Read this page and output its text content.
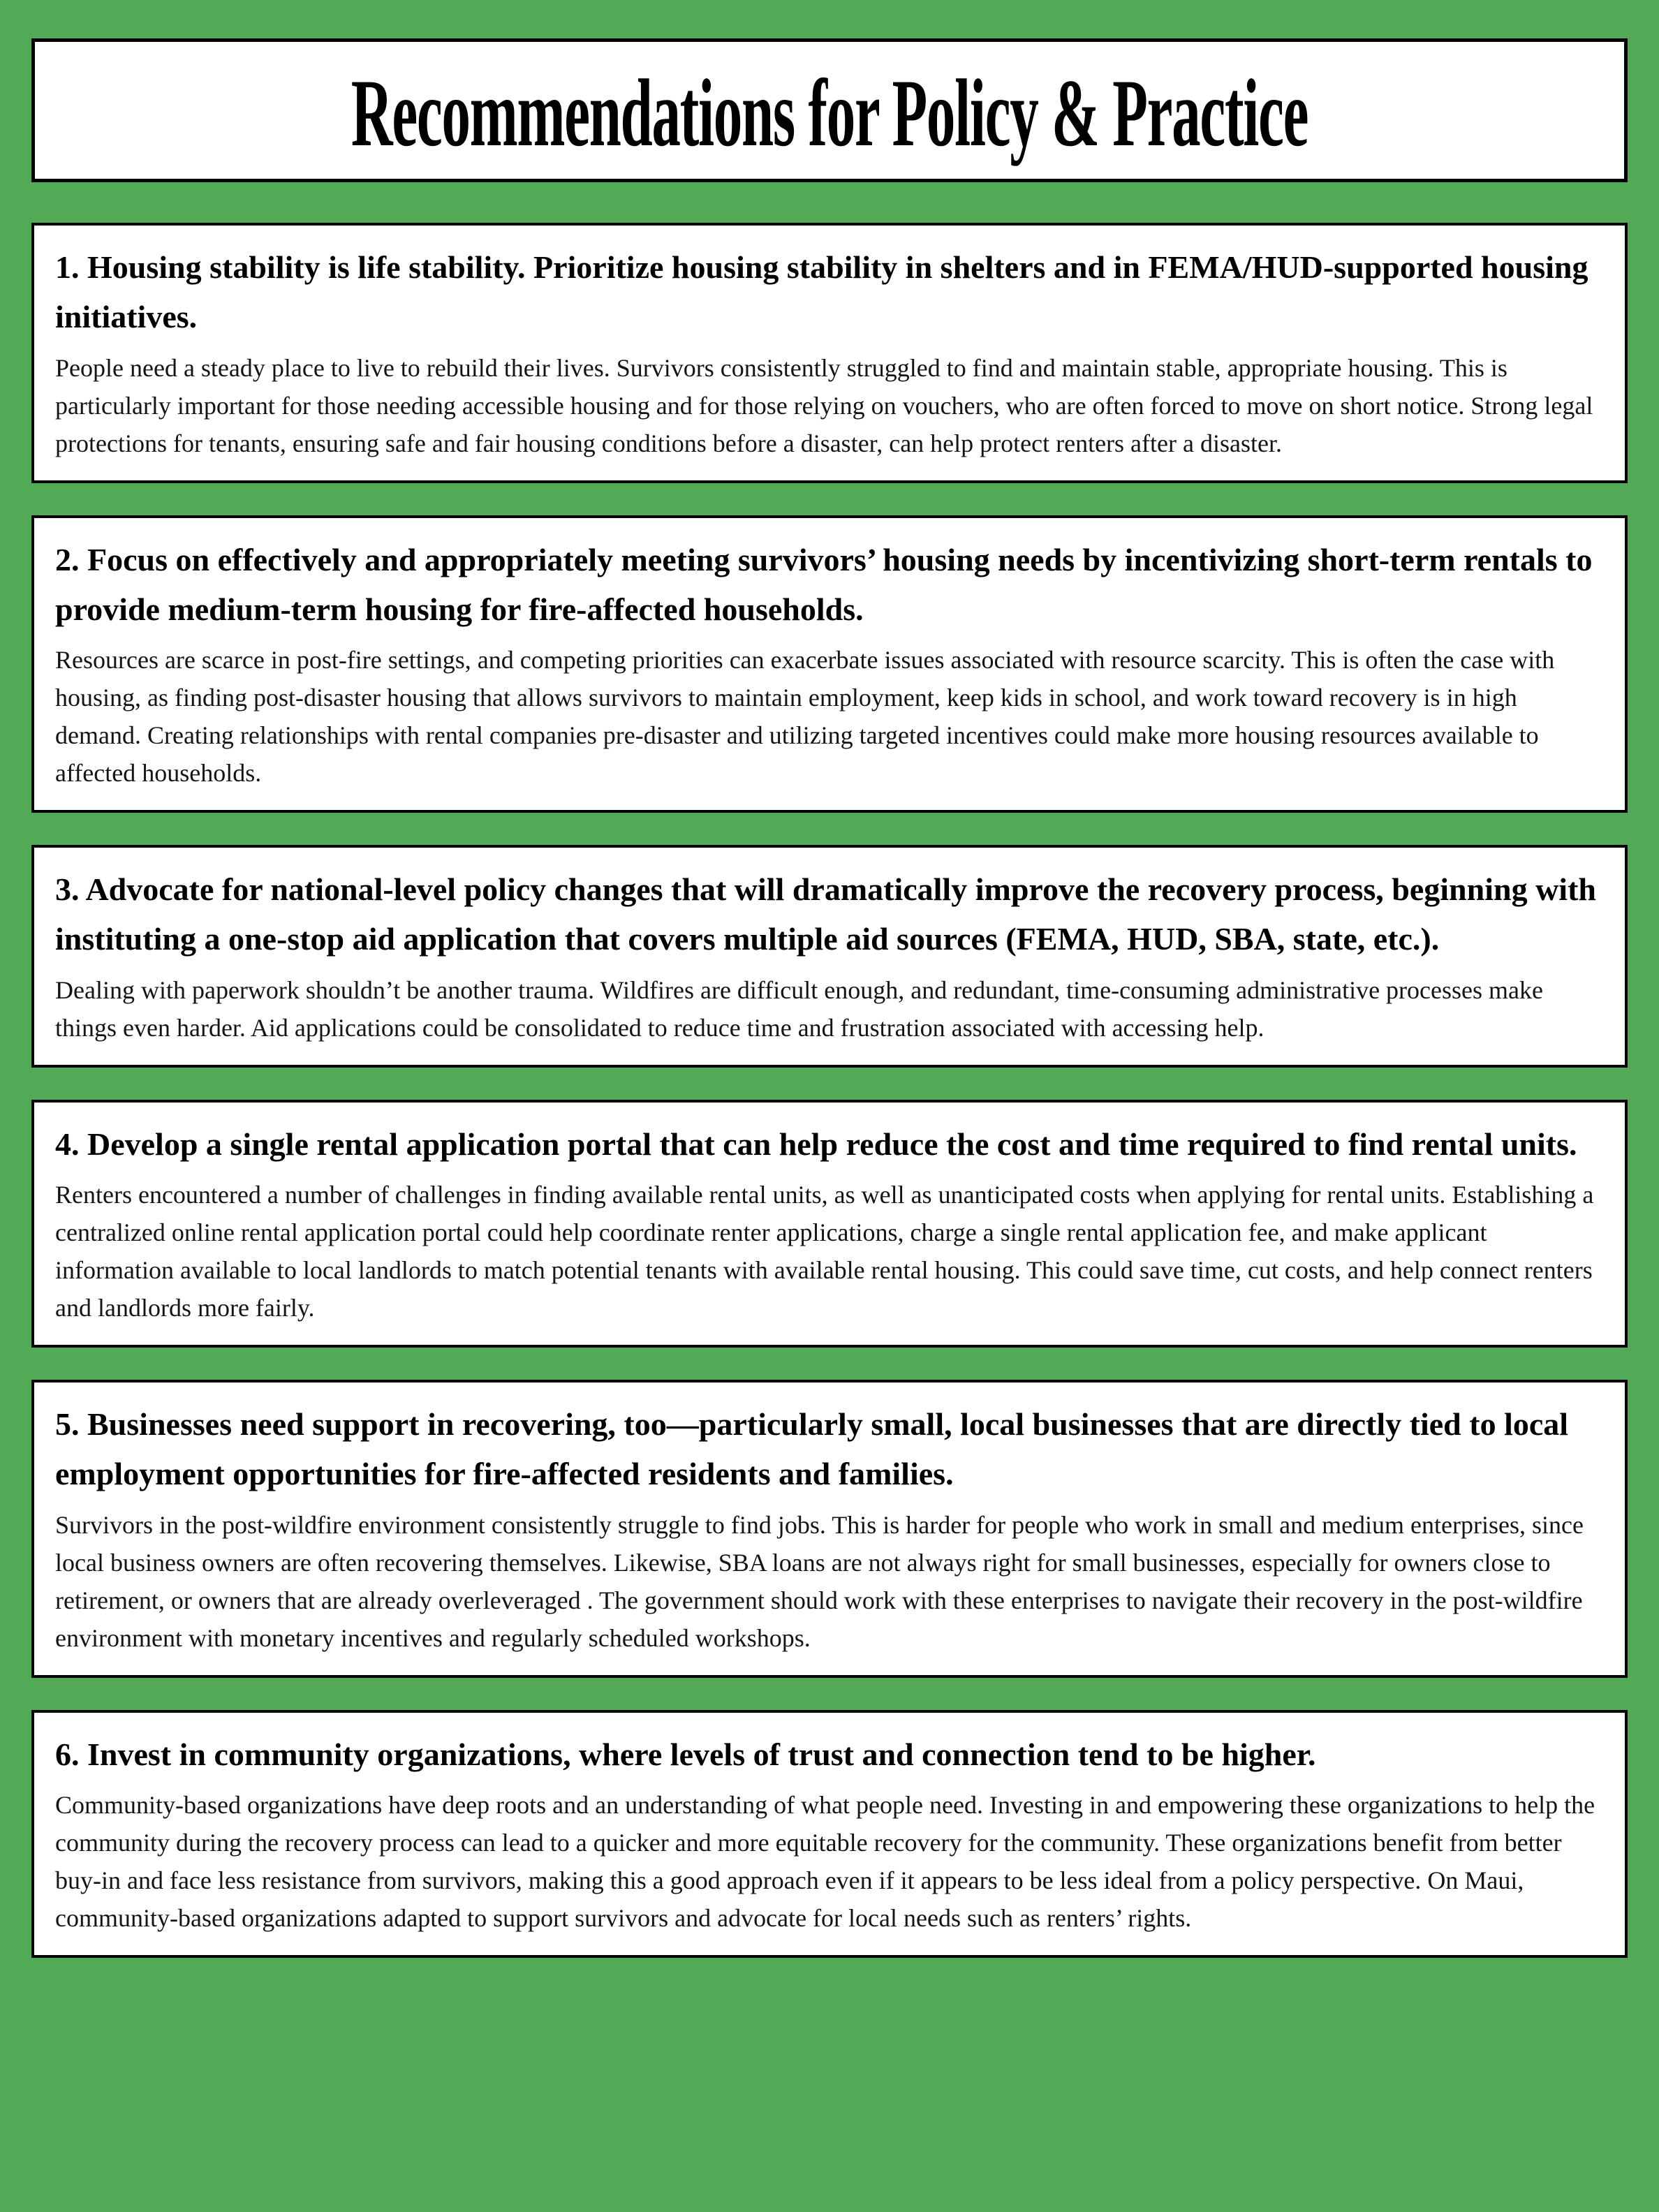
Recommendations for Policy & Practice
1. Housing stability is life stability. Prioritize housing stability in shelters and in FEMA/HUD-supported housing initiatives.

People need a steady place to live to rebuild their lives. Survivors consistently struggled to find and maintain stable, appropriate housing. This is particularly important for those needing accessible housing and for those relying on vouchers, who are often forced to move on short notice. Strong legal protections for tenants, ensuring safe and fair housing conditions before a disaster, can help protect renters after a disaster.

2. Focus on effectively and appropriately meeting survivors’ housing needs by incentivizing short-term rentals to provide medium-term housing for fire-affected households.

Resources are scarce in post-fire settings, and competing priorities can exacerbate issues associated with resource scarcity. This is often the case with housing, as finding post-disaster housing that allows survivors to maintain employment, keep kids in school, and work toward recovery is in high demand. Creating relationships with rental companies pre-disaster and utilizing targeted incentives could make more housing resources available to affected households.

3. Advocate for national-level policy changes that will dramatically improve the recovery process, beginning with instituting a one-stop aid application that covers multiple aid sources (FEMA, HUD, SBA, state, etc.).

Dealing with paperwork shouldn’t be another trauma. Wildfires are difficult enough, and redundant, time-consuming administrative processes make things even harder. Aid applications could be consolidated to reduce time and frustration associated with accessing help.

4. Develop a single rental application portal that can help reduce the cost and time required to find rental units.

Renters encountered a number of challenges in finding available rental units, as well as unanticipated costs when applying for rental units. Establishing a centralized online rental application portal could help coordinate renter applications, charge a single rental application fee, and make applicant information available to local landlords to match potential tenants with available rental housing. This could save time, cut costs, and help connect renters and landlords more fairly.

5. Businesses need support in recovering, too—particularly small, local businesses that are directly tied to local employment opportunities for fire-affected residents and families.

Survivors in the post-wildfire environment consistently struggle to find jobs. This is harder for people who work in small and medium enterprises, since local business owners are often recovering themselves. Likewise, SBA loans are not always right for small businesses, especially for owners close to retirement, or owners that are already overleveraged . The government should work with these enterprises to navigate their recovery in the post-wildfire environment with monetary incentives and regularly scheduled workshops.

6. Invest in community organizations, where levels of trust and connection tend to be higher.

Community-based organizations have deep roots and an understanding of what people need. Investing in and empowering these organizations to help the community during the recovery process can lead to a quicker and more equitable recovery for the community. These organizations benefit from better buy-in and face less resistance from survivors, making this a good approach even if it appears to be less ideal from a policy perspective. On Maui, community-based organizations adapted to support survivors and advocate for local needs such as renters’ rights.
